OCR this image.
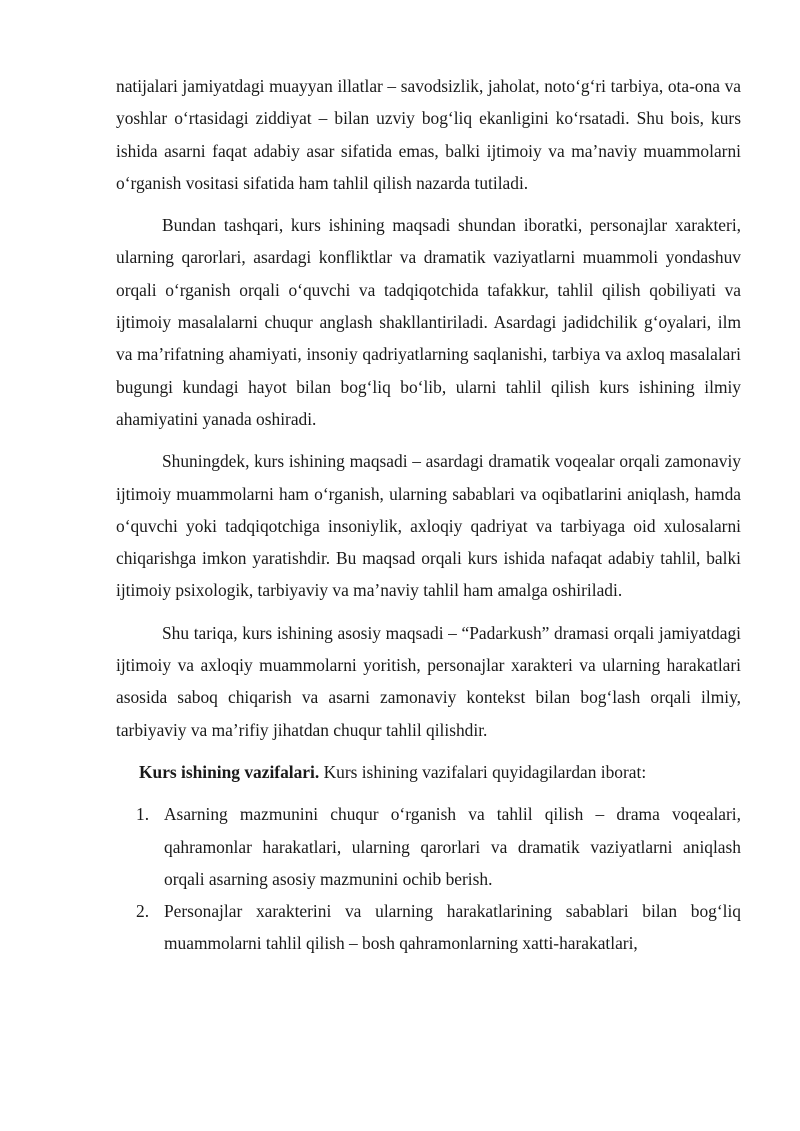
natijalari jamiyatdagi muayyan illatlar – savodsizlik, jaholat, noto‘g‘ri tarbiya, ota-ona va yoshlar o‘rtasidagi ziddiyat – bilan uzviy bog‘liq ekanligini ko‘rsatadi. Shu bois, kurs ishida asarni faqat adabiy asar sifatida emas, balki ijtimoiy va ma’naviy muammolarni o‘rganish vositasi sifatida ham tahlil qilish nazarda tutiladi.

Bundan tashqari, kurs ishining maqsadi shundan iboratki, personajlar xarakteri, ularning qarorlari, asardagi konfliktlar va dramatik vaziyatlarni muammoli yondashuv orqali o‘rganish orqali o‘quvchi va tadqiqotchida tafakkur, tahlil qilish qobiliyati va ijtimoiy masalalarni chuqur anglash shakllantiriladi. Asardagi jadidchilik g‘oyalari, ilm va ma’rifatning ahamiyati, insoniy qadriyatlarning saqlanishi, tarbiya va axloq masalalari bugungi kundagi hayot bilan bog‘liq bo‘lib, ularni tahlil qilish kurs ishining ilmiy ahamiyatini yanada oshiradi.

Shuningdek, kurs ishining maqsadi – asardagi dramatik voqealar orqali zamonaviy ijtimoiy muammolarni ham o‘rganish, ularning sabablari va oqibatlarini aniqlash, hamda o‘quvchi yoki tadqiqotchiga insoniylik, axloqiy qadriyat va tarbiyaga oid xulosalarni chiqarishga imkon yaratishdir. Bu maqsad orqali kurs ishida nafaqat adabiy tahlil, balki ijtimoiy psixologik, tarbiyaviy va ma’naviy tahlil ham amalga oshiriladi.

Shu tariqa, kurs ishining asosiy maqsadi – “Padarkush” dramasi orqali jamiyatdagi ijtimoiy va axloqiy muammolarni yoritish, personajlar xarakteri va ularning harakatlari asosida saboq chiqarish va asarni zamonaviy kontekst bilan bog‘lash orqali ilmiy, tarbiyaviy va ma’rifiy jihatdan chuqur tahlil qilishdir.

Kurs ishining vazifalari. Kurs ishining vazifalari quyidagilardan iborat:

1. Asarning mazmunini chuqur o‘rganish va tahlil qilish – drama voqealari, qahramonlar harakatlari, ularning qarorlari va dramatik vaziyatlarni aniqlash orqali asarning asosiy mazmunini ochib berish.
2. Personajlar xarakterini va ularning harakatlarining sabablari bilan bog‘liq muammolarni tahlil qilish – bosh qahramonlarning xatti-harakatlari,
